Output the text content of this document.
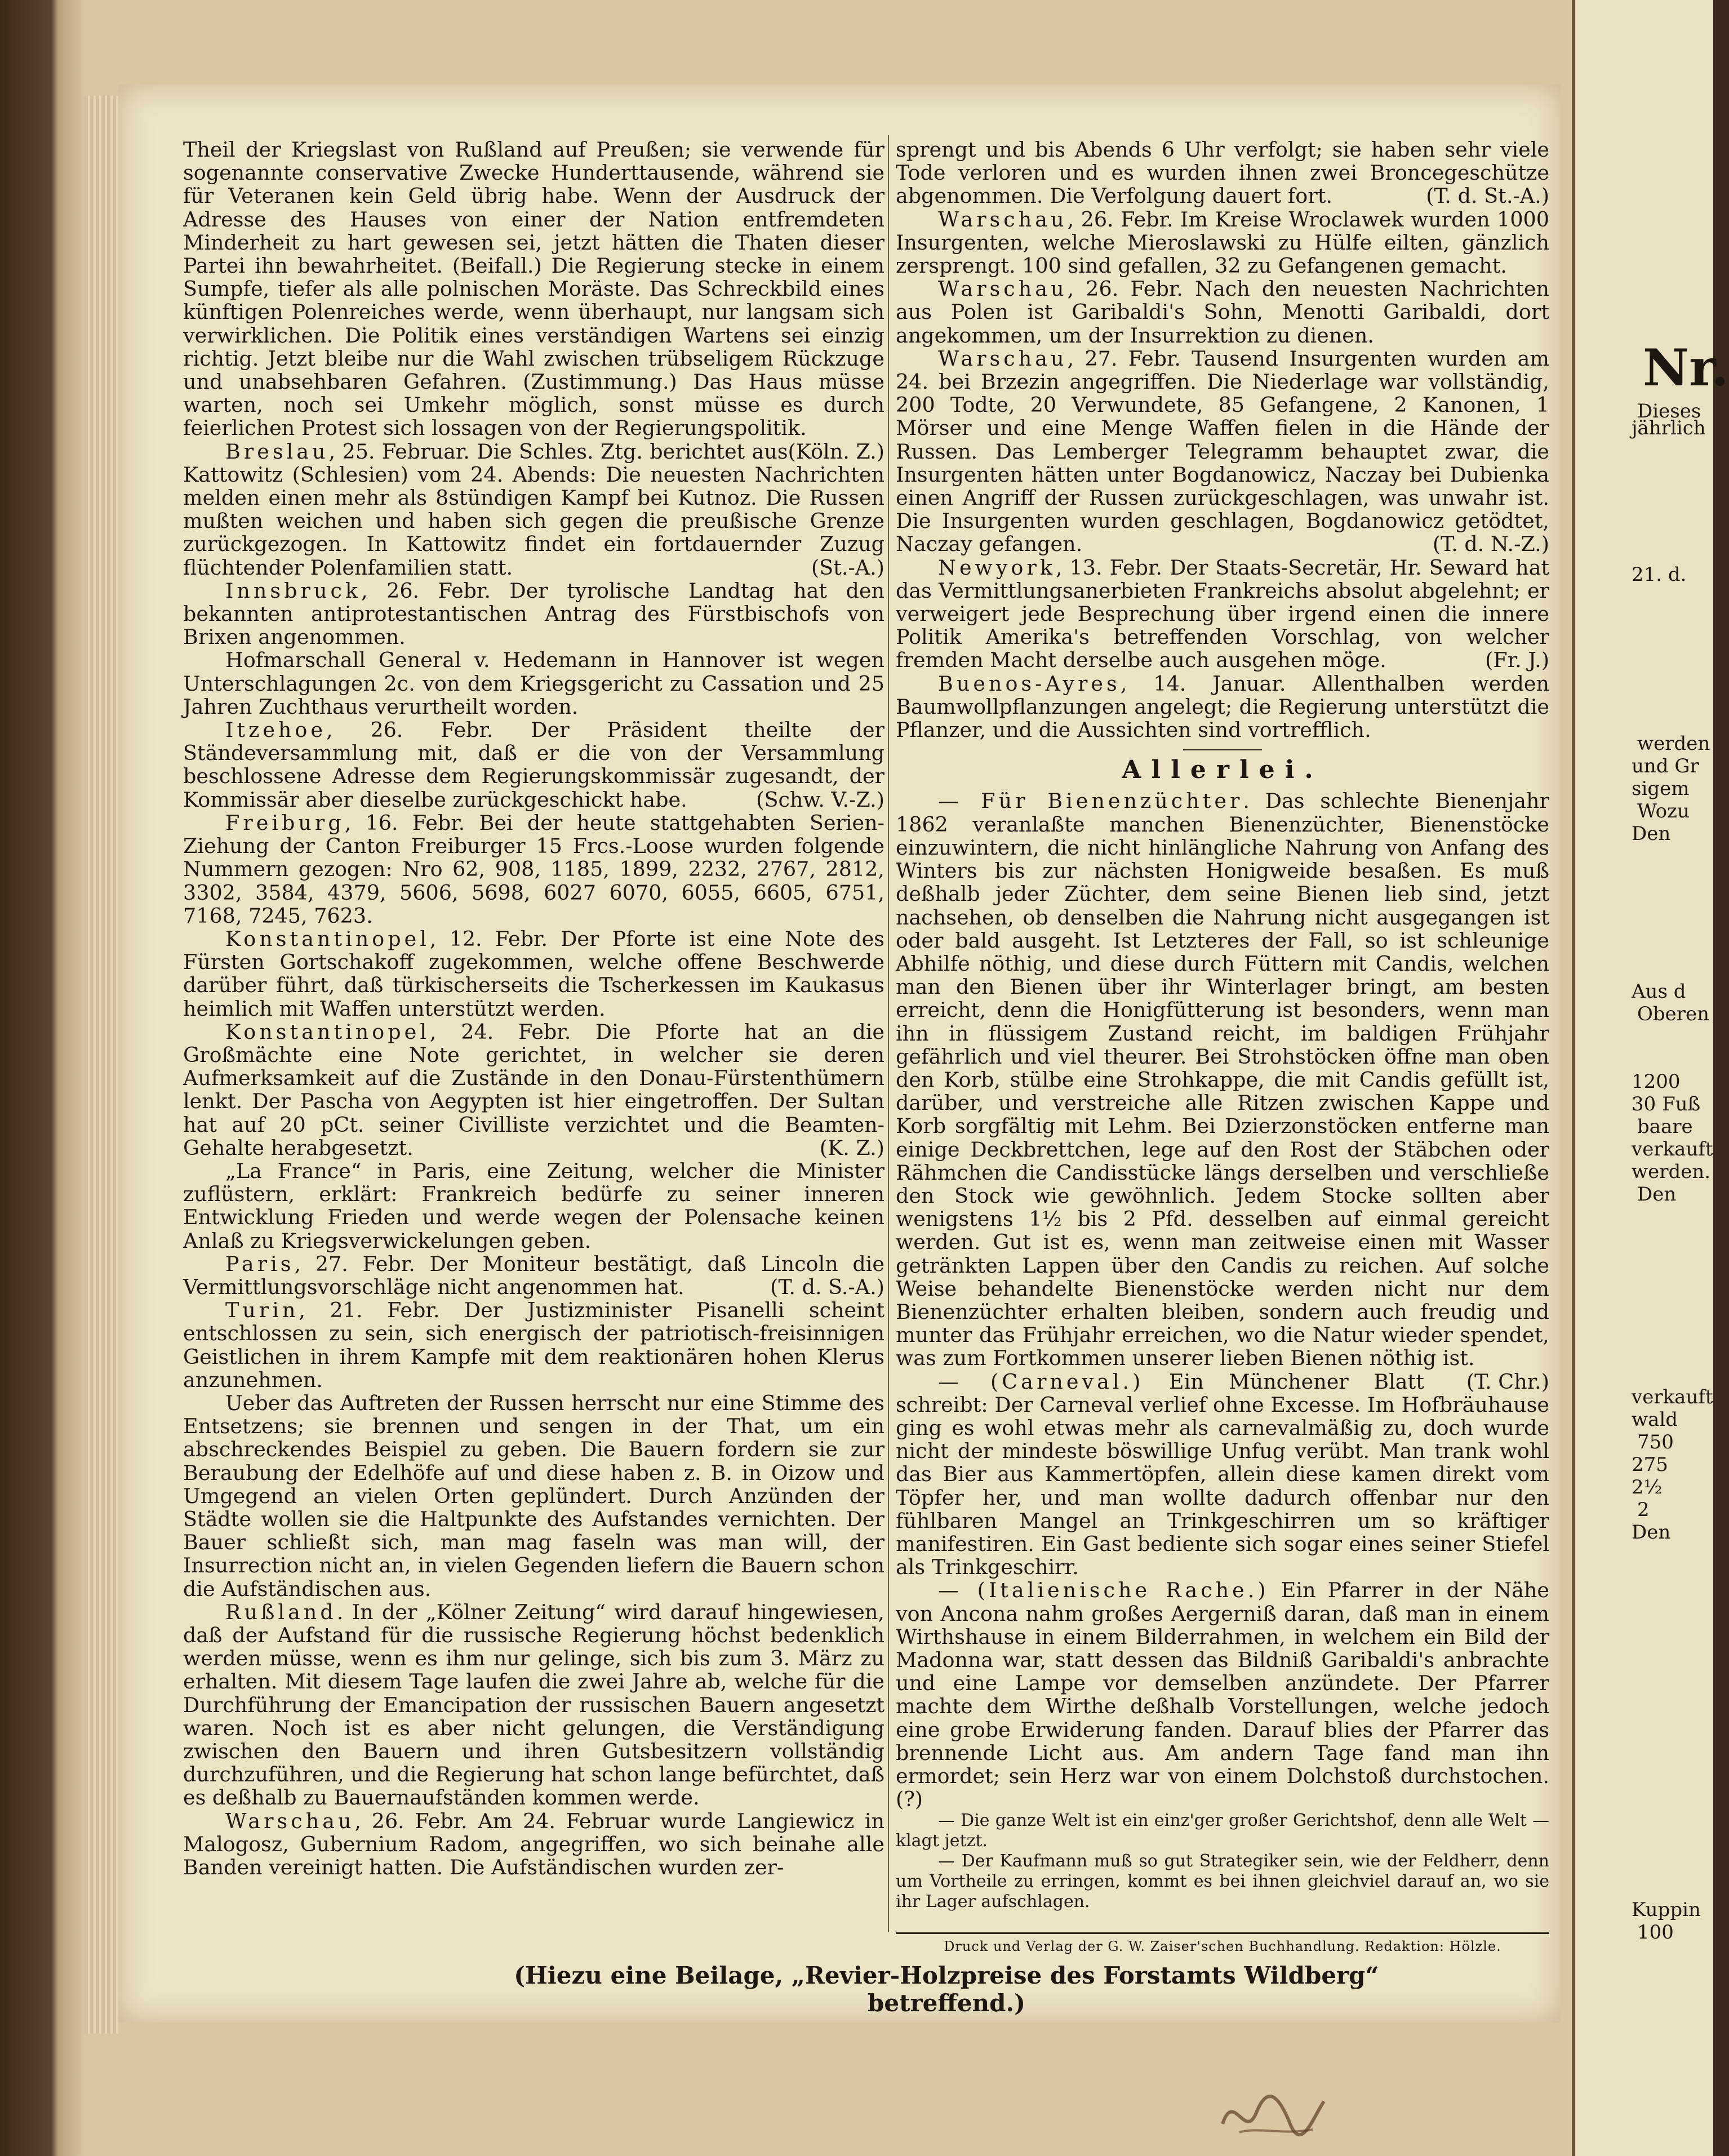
Theil der Kriegslast von Rußland auf Preußen; sie verwende für sogenannte conservative Zwecke Hunderttausende, während sie für Veteranen kein Geld übrig habe. Wenn der Ausdruck der Adresse des Hauses von einer der Nation entfremdeten Minderheit zu hart gewesen sei, jetzt hätten die Thaten dieser Partei ihn bewahrheitet. (Beifall.) Die Regierung stecke in einem Sumpfe, tiefer als alle polnischen Moräste. Das Schreckbild eines künftigen Polenreiches werde, wenn überhaupt, nur langsam sich verwirklichen. Die Politik eines verständigen Wartens sei einzig richtig. Jetzt bleibe nur die Wahl zwischen trübseligem Rückzuge und unabsehbaren Gefahren. (Zustimmung.) Das Haus müsse warten, noch sei Umkehr möglich, sonst müsse es durch feierlichen Protest sich lossagen von der Regierungspolitik.
(Köln. Z.)

Breslau, 25. Februar. Die Schles. Ztg. berichtet aus Kattowitz (Schlesien) vom 24. Abends: Die neuesten Nachrichten melden einen mehr als 8stündigen Kampf bei Kutnoz. Die Russen mußten weichen und haben sich gegen die preußische Grenze zurückgezogen. In Kattowitz findet ein fortdauernder Zuzug flüchtender Polenfamilien statt.	(St.-A.)

Innsbruck, 26. Febr. Der tyrolische Landtag hat den bekannten antiprotestantischen Antrag des Fürstbischofs von Brixen angenommen.

Hofmarschall General v. Hedemann in Hannover ist wegen Unterschlagungen 2c. von dem Kriegsgericht zu Cassation und 25 Jahren Zuchthaus verurtheilt worden.

Itzehoe, 26. Febr. Der Präsident theilte der Ständeversammlung mit, daß er die von der Versammlung beschlossene Adresse dem Regierungskommissär zugesandt, der Kommissär aber dieselbe zurückgeschickt habe.	(Schw. V.-Z.)

Freiburg, 16. Febr. Bei der heute stattgehabten Serien-Ziehung der Canton Freiburger 15 Frcs.-Loose wurden folgende Nummern gezogen: Nro 62, 908, 1185, 1899, 2232, 2767, 2812, 3302, 3584, 4379, 5606, 5698, 6027 6070, 6055, 6605, 6751, 7168, 7245, 7623.

Konstantinopel, 12. Febr. Der Pforte ist eine Note des Fürsten Gortschakoff zugekommen, welche offene Beschwerde darüber führt, daß türkischerseits die Tscherkessen im Kaukasus heimlich mit Waffen unterstützt werden.

Konstantinopel, 24. Febr. Die Pforte hat an die Großmächte eine Note gerichtet, in welcher sie deren Aufmerksamkeit auf die Zustände in den Donau-Fürstenthümern lenkt. Der Pascha von Aegypten ist hier eingetroffen. Der Sultan hat auf 20 pCt. seiner Civilliste verzichtet und die Beamten-Gehalte herabgesetzt.	(K. Z.)

„La France“ in Paris, eine Zeitung, welcher die Minister zuflüstern, erklärt: Frankreich bedürfe zu seiner inneren Entwicklung Frieden und werde wegen der Polensache keinen Anlaß zu Kriegsverwickelungen geben.

Paris, 27. Febr. Der Moniteur bestätigt, daß Lincoln die Vermittlungsvorschläge nicht angenommen hat.	(T. d. S.-A.)

Turin, 21. Febr. Der Justizminister Pisanelli scheint entschlossen zu sein, sich energisch der patriotisch-freisinnigen Geistlichen in ihrem Kampfe mit dem reaktionären hohen Klerus anzunehmen.

Ueber das Auftreten der Russen herrscht nur eine Stimme des Entsetzens; sie brennen und sengen in der That, um ein abschreckendes Beispiel zu geben. Die Bauern fordern sie zur Beraubung der Edelhöfe auf und diese haben z. B. in Oizow und Umgegend an vielen Orten geplündert. Durch Anzünden der Städte wollen sie die Haltpunkte des Aufstandes vernichten. Der Bauer schließt sich, man mag faseln was man will, der Insurrection nicht an, in vielen Gegenden liefern die Bauern schon die Aufständischen aus.

Rußland. In der „Kölner Zeitung“ wird darauf hingewiesen, daß der Aufstand für die russische Regierung höchst bedenklich werden müsse, wenn es ihm nur gelinge, sich bis zum 3. März zu erhalten. Mit diesem Tage laufen die zwei Jahre ab, welche für die Durchführung der Emancipation der russischen Bauern angesetzt waren. Noch ist es aber nicht gelungen, die Verständigung zwischen den Bauern und ihren Gutsbesitzern vollständig durchzuführen, und die Regierung hat schon lange befürchtet, daß es deßhalb zu Bauernaufständen kommen werde.

Warschau, 26. Febr. Am 24. Februar wurde Langiewicz in Malogosz, Gubernium Radom, angegriffen, wo sich beinahe alle Banden vereinigt hatten. Die Aufständischen wurden zer-

sprengt und bis Abends 6 Uhr verfolgt; sie haben sehr viele Tode verloren und es wurden ihnen zwei Broncegeschütze abgenommen. Die Verfolgung dauert fort.	(T. d. St.-A.)

Warschau, 26. Febr. Im Kreise Wroclawek wurden 1000 Insurgenten, welche Mieroslawski zu Hülfe eilten, gänzlich zersprengt. 100 sind gefallen, 32 zu Gefangenen gemacht.

Warschau, 26. Febr. Nach den neuesten Nachrichten aus Polen ist Garibaldi's Sohn, Menotti Garibaldi, dort angekommen, um der Insurrektion zu dienen.

Warschau, 27. Febr. Tausend Insurgenten wurden am 24. bei Brzezin angegriffen. Die Niederlage war vollständig, 200 Todte, 20 Verwundete, 85 Gefangene, 2 Kanonen, 1 Mörser und eine Menge Waffen fielen in die Hände der Russen. Das Lemberger Telegramm behauptet zwar, die Insurgenten hätten unter Bogdanowicz, Naczay bei Dubienka einen Angriff der Russen zurückgeschlagen, was unwahr ist. Die Insurgenten wurden geschlagen, Bogdanowicz getödtet, Naczay gefangen.	(T. d. N.-Z.)

Newyork, 13. Febr. Der Staats-Secretär, Hr. Seward hat das Vermittlungsanerbieten Frankreichs absolut abgelehnt; er verweigert jede Besprechung über irgend einen die innere Politik Amerika's betreffenden Vorschlag, von welcher fremden Macht derselbe auch ausgehen möge.	(Fr. J.)

Buenos-Ayres, 14. Januar. Allenthalben werden Baumwollpflanzungen angelegt; die Regierung unterstützt die Pflanzer, und die Aussichten sind vortrefflich.

Allerlei.

— Für Bienenzüchter. Das schlechte Bienenjahr 1862 veranlaßte manchen Bienenzüchter, Bienenstöcke einzuwintern, die nicht hinlängliche Nahrung von Anfang des Winters bis zur nächsten Honigweide besaßen. Es muß deßhalb jeder Züchter, dem seine Bienen lieb sind, jetzt nachsehen, ob denselben die Nahrung nicht ausgegangen ist oder bald ausgeht. Ist Letzteres der Fall, so ist schleunige Abhilfe nöthig, und diese durch Füttern mit Candis, welchen man den Bienen über ihr Winterlager bringt, am besten erreicht, denn die Honigfütterung ist besonders, wenn man ihn in flüssigem Zustand reicht, im baldigen Frühjahr gefährlich und viel theurer. Bei Strohstöcken öffne man oben den Korb, stülbe eine Strohkappe, die mit Candis gefüllt ist, darüber, und verstreiche alle Ritzen zwischen Kappe und Korb sorgfältig mit Lehm. Bei Dzierzonstöcken entferne man einige Deckbrettchen, lege auf den Rost der Stäbchen oder Rähmchen die Candisstücke längs derselben und verschließe den Stock wie gewöhnlich. Jedem Stocke sollten aber wenigstens 1½ bis 2 Pfd. desselben auf einmal gereicht werden. Gut ist es, wenn man zeitweise einen mit Wasser getränkten Lappen über den Candis zu reichen. Auf solche Weise behandelte Bienenstöcke werden nicht nur dem Bienenzüchter erhalten bleiben, sondern auch freudig und munter das Frühjahr erreichen, wo die Natur wieder spendet, was zum Fortkommen unserer lieben Bienen nöthig ist.
(T. Chr.)

— (Carneval.) Ein Münchener Blatt schreibt: Der Carneval verlief ohne Excesse. Im Hofbräuhause ging es wohl etwas mehr als carnevalmäßig zu, doch wurde nicht der mindeste böswillige Unfug verübt. Man trank wohl das Bier aus Kammertöpfen, allein diese kamen direkt vom Töpfer her, und man wollte dadurch offenbar nur den fühlbaren Mangel an Trinkgeschirren um so kräftiger manifestiren. Ein Gast bediente sich sogar eines seiner Stiefel als Trinkgeschirr.

— (Italienische Rache.) Ein Pfarrer in der Nähe von Ancona nahm großes Aergerniß daran, daß man in einem Wirthshause in einem Bilderrahmen, in welchem ein Bild der Madonna war, statt dessen das Bildniß Garibaldi's anbrachte und eine Lampe vor demselben anzündete. Der Pfarrer machte dem Wirthe deßhalb Vorstellungen, welche jedoch eine grobe Erwiderung fanden. Darauf blies der Pfarrer das brennende Licht aus. Am andern Tage fand man ihn ermordet; sein Herz war von einem Dolchstoß durchstochen. (?)

— Die ganze Welt ist ein einz'ger großer Gerichtshof, denn alle Welt — klagt jetzt.

— Der Kaufmann muß so gut Strategiker sein, wie der Feldherr, denn um Vortheile zu erringen, kommt es bei ihnen gleichviel darauf an, wo sie ihr Lager aufschlagen.

Druck und Verlag der G. W. Zaiser'schen Buchhandlung. Redaktion: Hölzle.
(Hiezu eine Beilage, „Revier-Holzpreise des Forstamts Wildberg“ betreffend.)
Nr.
Dieses
jährlich
21. d.
werden
und Gr
sigem
Wozu
Den
Aus d
Oberen
1200
30 Fuß
baare
verkauft
werden.
Den
verkauft
wald
750
275
2½
2
Den
Kuppin
100
